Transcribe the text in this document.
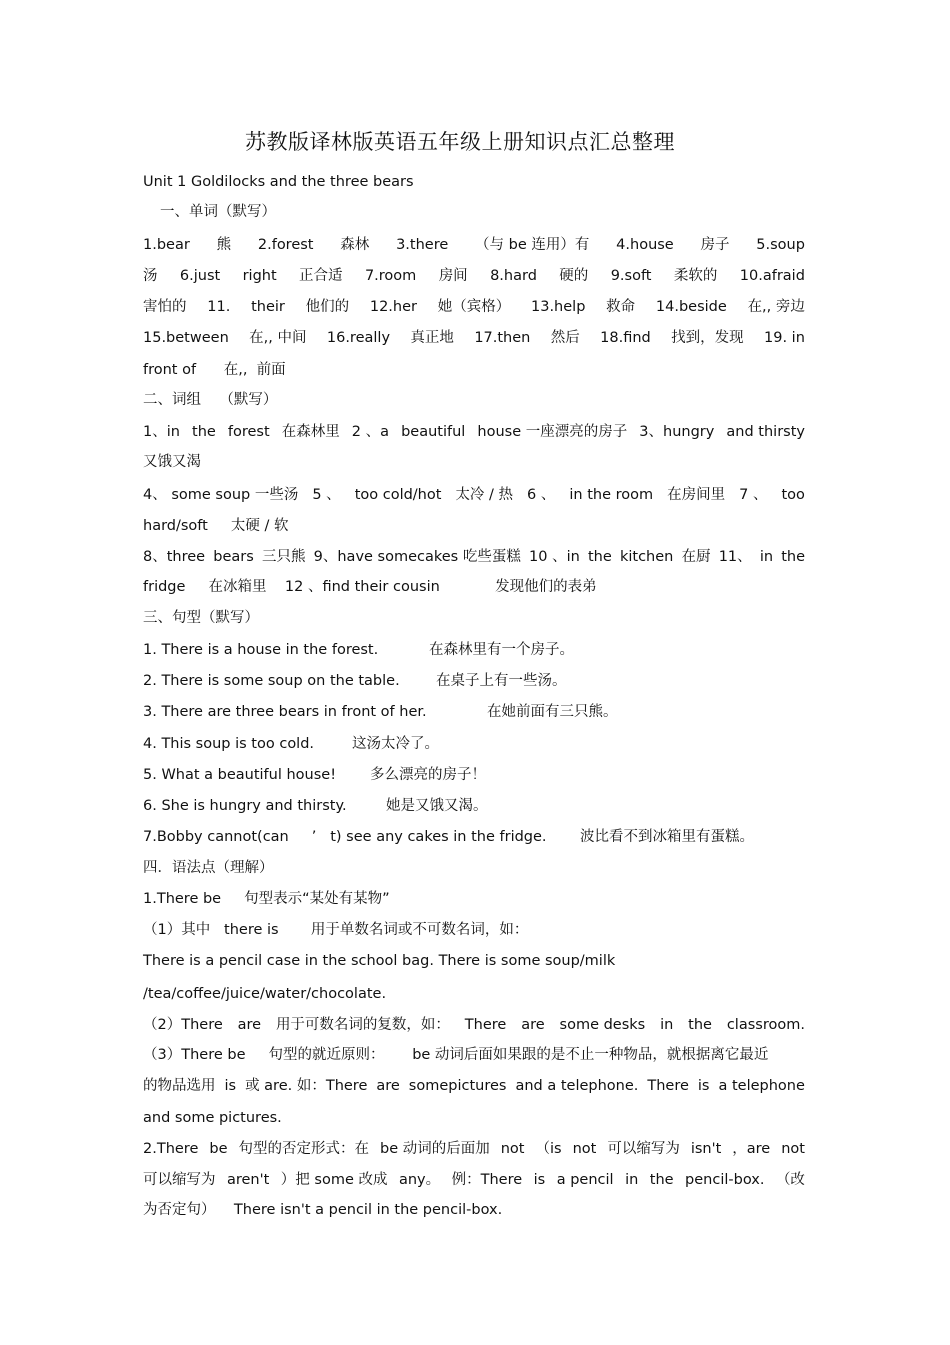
苏教版译林版英语五年级上册知识点汇总整理
Unit 1 Goldilocks and the three bears
一、单词（默写）
1.bear 熊 2.forest 森林 3.there （与 be 连用）有 4.house 房子 5.soup
汤 6.just right 正合适 7.room 房间 8.hard 硬的 9.soft 柔软的 10.afraid
害怕的 11. their 他们的 12.her 她（宾格） 13.help 救命 14.beside 在,, 旁边
15.between 在,, 中间 16.really 真正地 17.then 然后 18.find 找到，发现 19. in
front of      在,,  前面
二、词组    （默写）
1、in the forest 在森林里 2 、a beautiful house 一座漂亮的房子 3、hungry and thirsty
又饿又渴
4、 some soup 一些汤 5 、 too cold/hot 太冷 / 热 6 、 in the room 在房间里 7 、 too
hard/soft     太硬 / 软
8、three bears 三只熊 9、have somecakes 吃些蛋糕 10 、in the kitchen 在厨 11、 in the
fridge     在冰箱里    12 、find their cousin            发现他们的表弟
三、句型（默写）
1. There is a house in the forest.	在森林里有一个房子。
2. There is some soup on the table.	在桌子上有一些汤。
3. There are three bears in front of her.	在她前面有三只熊。
4. This soup is too cold.	这汤太冷了。
5. What a beautiful house! 多么漂亮的房子！
6. She is hungry and thirsty.	她是又饿又渴。
7.Bobby cannot(can     ’   t) see any cakes in the fridge. 波比看不到冰箱里有蛋糕。
四．语法点（理解）
1.There be     句型表示“某处有某物”
（1）其中   there is       用于单数名词或不可数名词，如：
There is a pencil case in the school bag. There is some soup/milk
/tea/coffee/juice/water/chocolate.
（2）There are 用于可数名词的复数，如： There are some desks in the classroom.
（3）There be     句型的就近原则：      be 动词后面如果跟的是不止一种物品，就根据离它最近
的物品选用 is 或 are. 如：There are somepictures and a telephone. There is a telephone
and some pictures.
2.There be 句型的否定形式：在 be 动词的后面加 not （is not 可以缩写为 isn't ，are not
可以缩写为 aren't ）把 some 改成 any。 例：There is a pencil in the pencil-box. （改
为否定句）    There isn't a pencil in the pencil-box.
